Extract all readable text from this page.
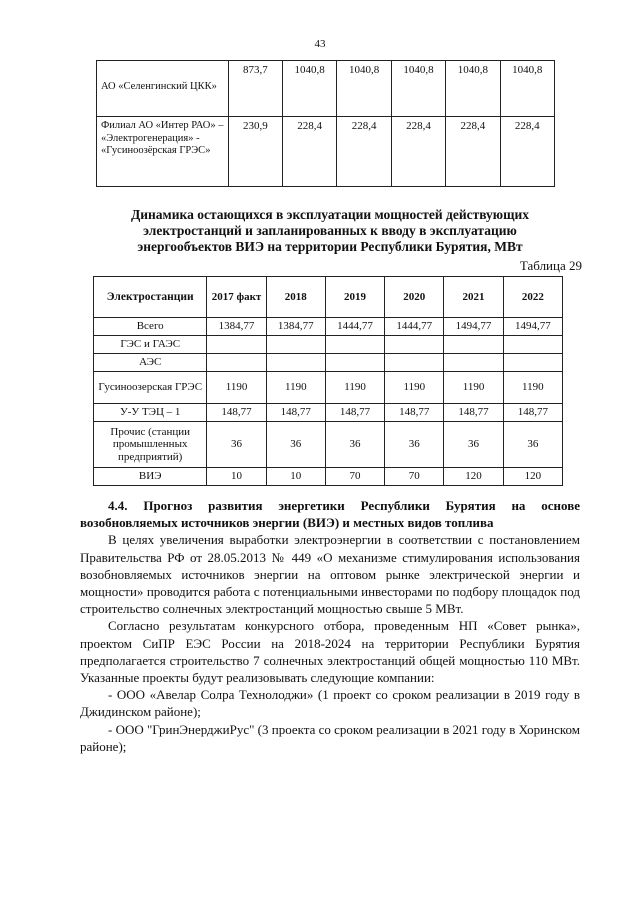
43
АО «Селенгинский ЦКК»	873,7	1040,8	1040,8	1040,8	1040,8	1040,8
Филиал АО «Интер РАО» – «Электрогенерация» - «Гусиноозёрская ГРЭС»	230,9	228,4	228,4	228,4	228,4	228,4
Динамика остающихся в эксплуатации мощностей действующих
электростанций и запланированных к вводу в эксплуатацию
энергообъектов ВИЭ на территории Республики Бурятия, МВт
Таблица 29
Электростанции	2017 факт	2018	2019	2020	2021	2022
Всего	1384,77	1384,77	1444,77	1444,77	1494,77	1494,77
ГЭС и ГАЭС						
АЭС						
Гусиноозерская ГРЭС	1190	1190	1190	1190	1190	1190
У-У ТЭЦ – 1	148,77	148,77	148,77	148,77	148,77	148,77
Прочис (станции промышленных предприятий)	36	36	36	36	36	36
ВИЭ	10	10	70	70	120	120

4.4. Прогноз развития энергетики Республики Бурятия на основе возобновляемых источников энергии (ВИЭ) и местных видов топлива

В целях увеличения выработки электроэнергии в соответствии с постановлением Правительства РФ от 28.05.2013 № 449 «О механизме стимулирования использования возобновляемых источников энергии на оптовом рынке электрической энергии и мощности» проводится работа с потенциальными инвесторами по подбору площадок под строительство солнечных электростанций мощностью свыше 5 МВт.

Согласно результатам конкурсного отбора, проведенным НП «Совет рынка», проектом СиПР ЕЭС России на 2018-2024 на территории Республики Бурятия предполагается строительство 7 солнечных электростанций общей мощностью 110 МВт. Указанные проекты будут реализовывать следующие компании:

- ООО «Авелар Солра Технолоджи» (1 проект со сроком реализации в 2019 году в Джидинском районе);

- ООО "ГринЭнерджиРус" (3 проекта со сроком реализации в 2021 году в Хоринском районе);
